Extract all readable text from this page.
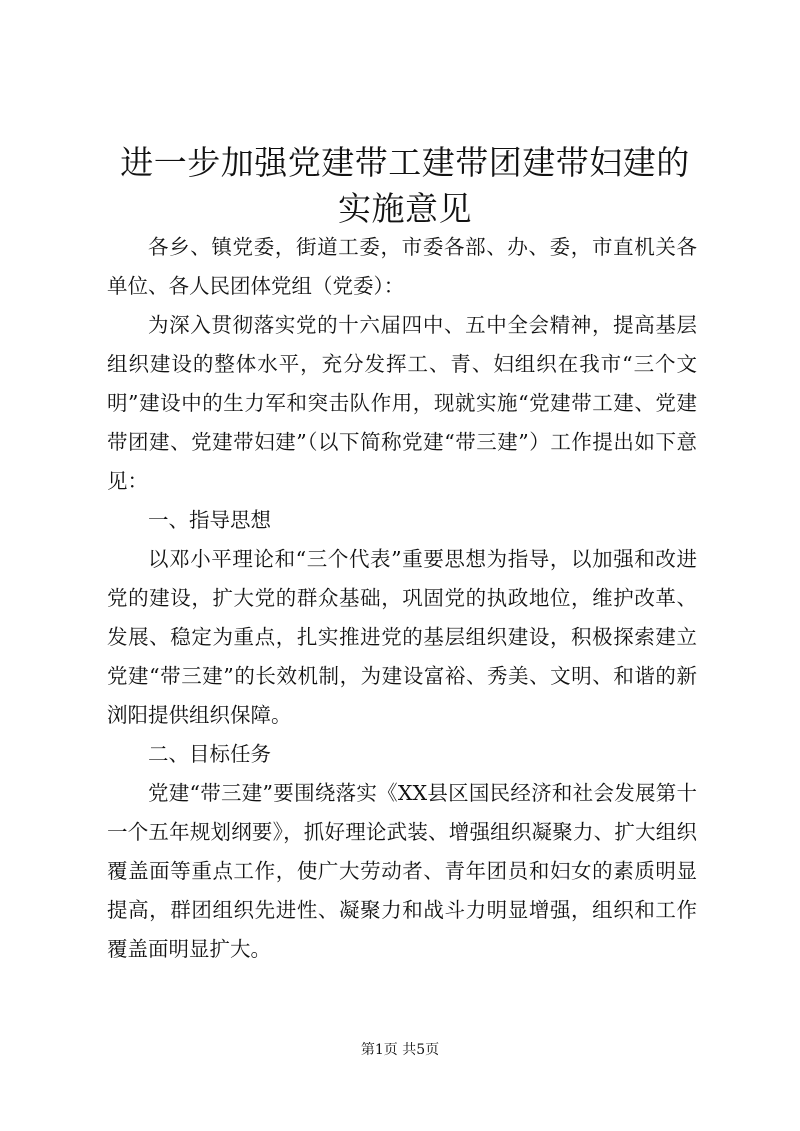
进一步加强党建带工建带团建带妇建的实施意见

各乡、镇党委，街道工委，市委各部、办、委，市直机关各单位、各人民团体党组（党委）：

为深入贯彻落实党的十六届四中、五中全会精神，提高基层组织建设的整体水平，充分发挥工、青、妇组织在我市“三个文明”建设中的生力军和突击队作用，现就实施“党建带工建、党建带团建、党建带妇建”（以下简称党建“带三建”）工作提出如下意见：

一、指导思想

以邓小平理论和“三个代表”重要思想为指导，以加强和改进党的建设，扩大党的群众基础，巩固党的执政地位，维护改革、发展、稳定为重点，扎实推进党的基层组织建设，积极探索建立党建“带三建”的长效机制，为建设富裕、秀美、文明、和谐的新浏阳提供组织保障。

二、目标任务

党建“带三建”要围绕落实《XX县区国民经济和社会发展第十一个五年规划纲要》，抓好理论武装、增强组织凝聚力、扩大组织覆盖面等重点工作，使广大劳动者、青年团员和妇女的素质明显提高，群团组织先进性、凝聚力和战斗力明显增强，组织和工作覆盖面明显扩大。

第1页 共5页
